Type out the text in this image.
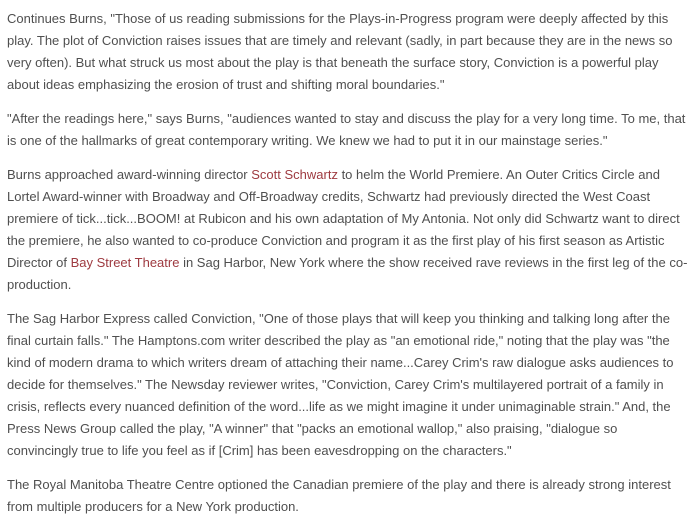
Continues Burns, "Those of us reading submissions for the Plays-in-Progress program were deeply affected by this play. The plot of Conviction raises issues that are timely and relevant (sadly, in part because they are in the news so very often). But what struck us most about the play is that beneath the surface story, Conviction is a powerful play about ideas emphasizing the erosion of trust and shifting moral boundaries."

"After the readings here," says Burns, "audiences wanted to stay and discuss the play for a very long time. To me, that is one of the hallmarks of great contemporary writing. We knew we had to put it in our mainstage series."

Burns approached award-winning director Scott Schwartz to helm the World Premiere. An Outer Critics Circle and Lortel Award-winner with Broadway and Off-Broadway credits, Schwartz had previously directed the West Coast premiere of tick...tick...BOOM! at Rubicon and his own adaptation of My Antonia. Not only did Schwartz want to direct the premiere, he also wanted to co-produce Conviction and program it as the first play of his first season as Artistic Director of Bay Street Theatre in Sag Harbor, New York where the show received rave reviews in the first leg of the co-production.

The Sag Harbor Express called Conviction, "One of those plays that will keep you thinking and talking long after the final curtain falls." The Hamptons.com writer described the play as "an emotional ride," noting that the play was "the kind of modern drama to which writers dream of attaching their name...Carey Crim's raw dialogue asks audiences to decide for themselves." The Newsday reviewer writes, "Conviction, Carey Crim's multilayered portrait of a family in crisis, reflects every nuanced definition of the word...life as we might imagine it under unimaginable strain." And, the Press News Group called the play, "A winner" that "packs an emotional wallop," also praising, "dialogue so convincingly true to life you feel as if [Crim] has been eavesdropping on the characters."

The Royal Manitoba Theatre Centre optioned the Canadian premiere of the play and there is already strong interest from multiple producers for a New York production.
